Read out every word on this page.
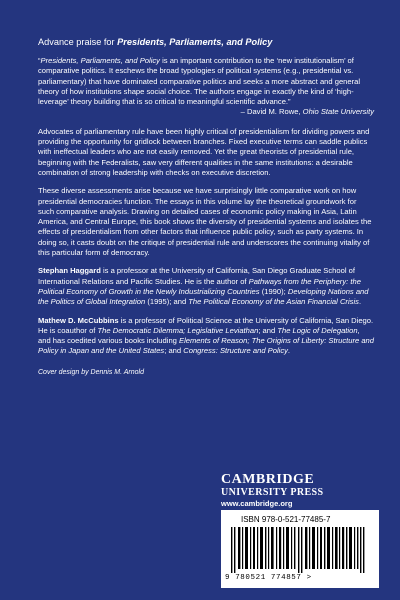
Advance praise for Presidents, Parliaments, and Policy
“Presidents, Parliaments, and Policy is an important contribution to the ‘new institutionalism’ of comparative politics. It eschews the broad typologies of political systems (e.g., presidential vs. parliamentary) that have dominated comparative politics and seeks a more abstract and general theory of how institutions shape social choice. The authors engage in exactly the kind of ‘high-leverage’ theory building that is so critical to meaningful scientific advance.”
– David M. Rowe, Ohio State University

Advocates of parliamentary rule have been highly critical of presidentialism for dividing powers and providing the opportunity for gridlock between branches. Fixed executive terms can saddle publics with ineffectual leaders who are not easily removed. Yet the great theorists of presidential rule, beginning with the Federalists, saw very different qualities in the same institutions: a desirable combination of strong leadership with checks on executive discretion.

These diverse assessments arise because we have surprisingly little comparative work on how presidential democracies function. The essays in this volume lay the theoretical groundwork for such comparative analysis. Drawing on detailed cases of economic policy making in Asia, Latin America, and Central Europe, this book shows the diversity of presidential systems and isolates the effects of presidentialism from other factors that influence public policy, such as party systems. In doing so, it casts doubt on the critique of presidential rule and underscores the continuing vitality of this particular form of democracy.

Stephan Haggard is a professor at the University of California, San Diego Graduate School of International Relations and Pacific Studies. He is the author of Pathways from the Periphery: the Political Economy of Growth in the Newly Industrializing Countries (1990); Developing Nations and the Politics of Global Integration (1995); and The Political Economy of the Asian Financial Crisis.

Mathew D. McCubbins is a professor of Political Science at the University of California, San Diego. He is coauthor of The Democratic Dilemma; Legislative Leviathan; and The Logic of Delegation, and has coedited various books including Elements of Reason; The Origins of Liberty: Structure and Policy in Japan and the United States; and Congress: Structure and Policy.

Cover design by Dennis M. Arnold
CAMBRIDGE
UNIVERSITY PRESS
www.cambridge.org
ISBN 978-0-521-77485-7
9 780521 774857 >
